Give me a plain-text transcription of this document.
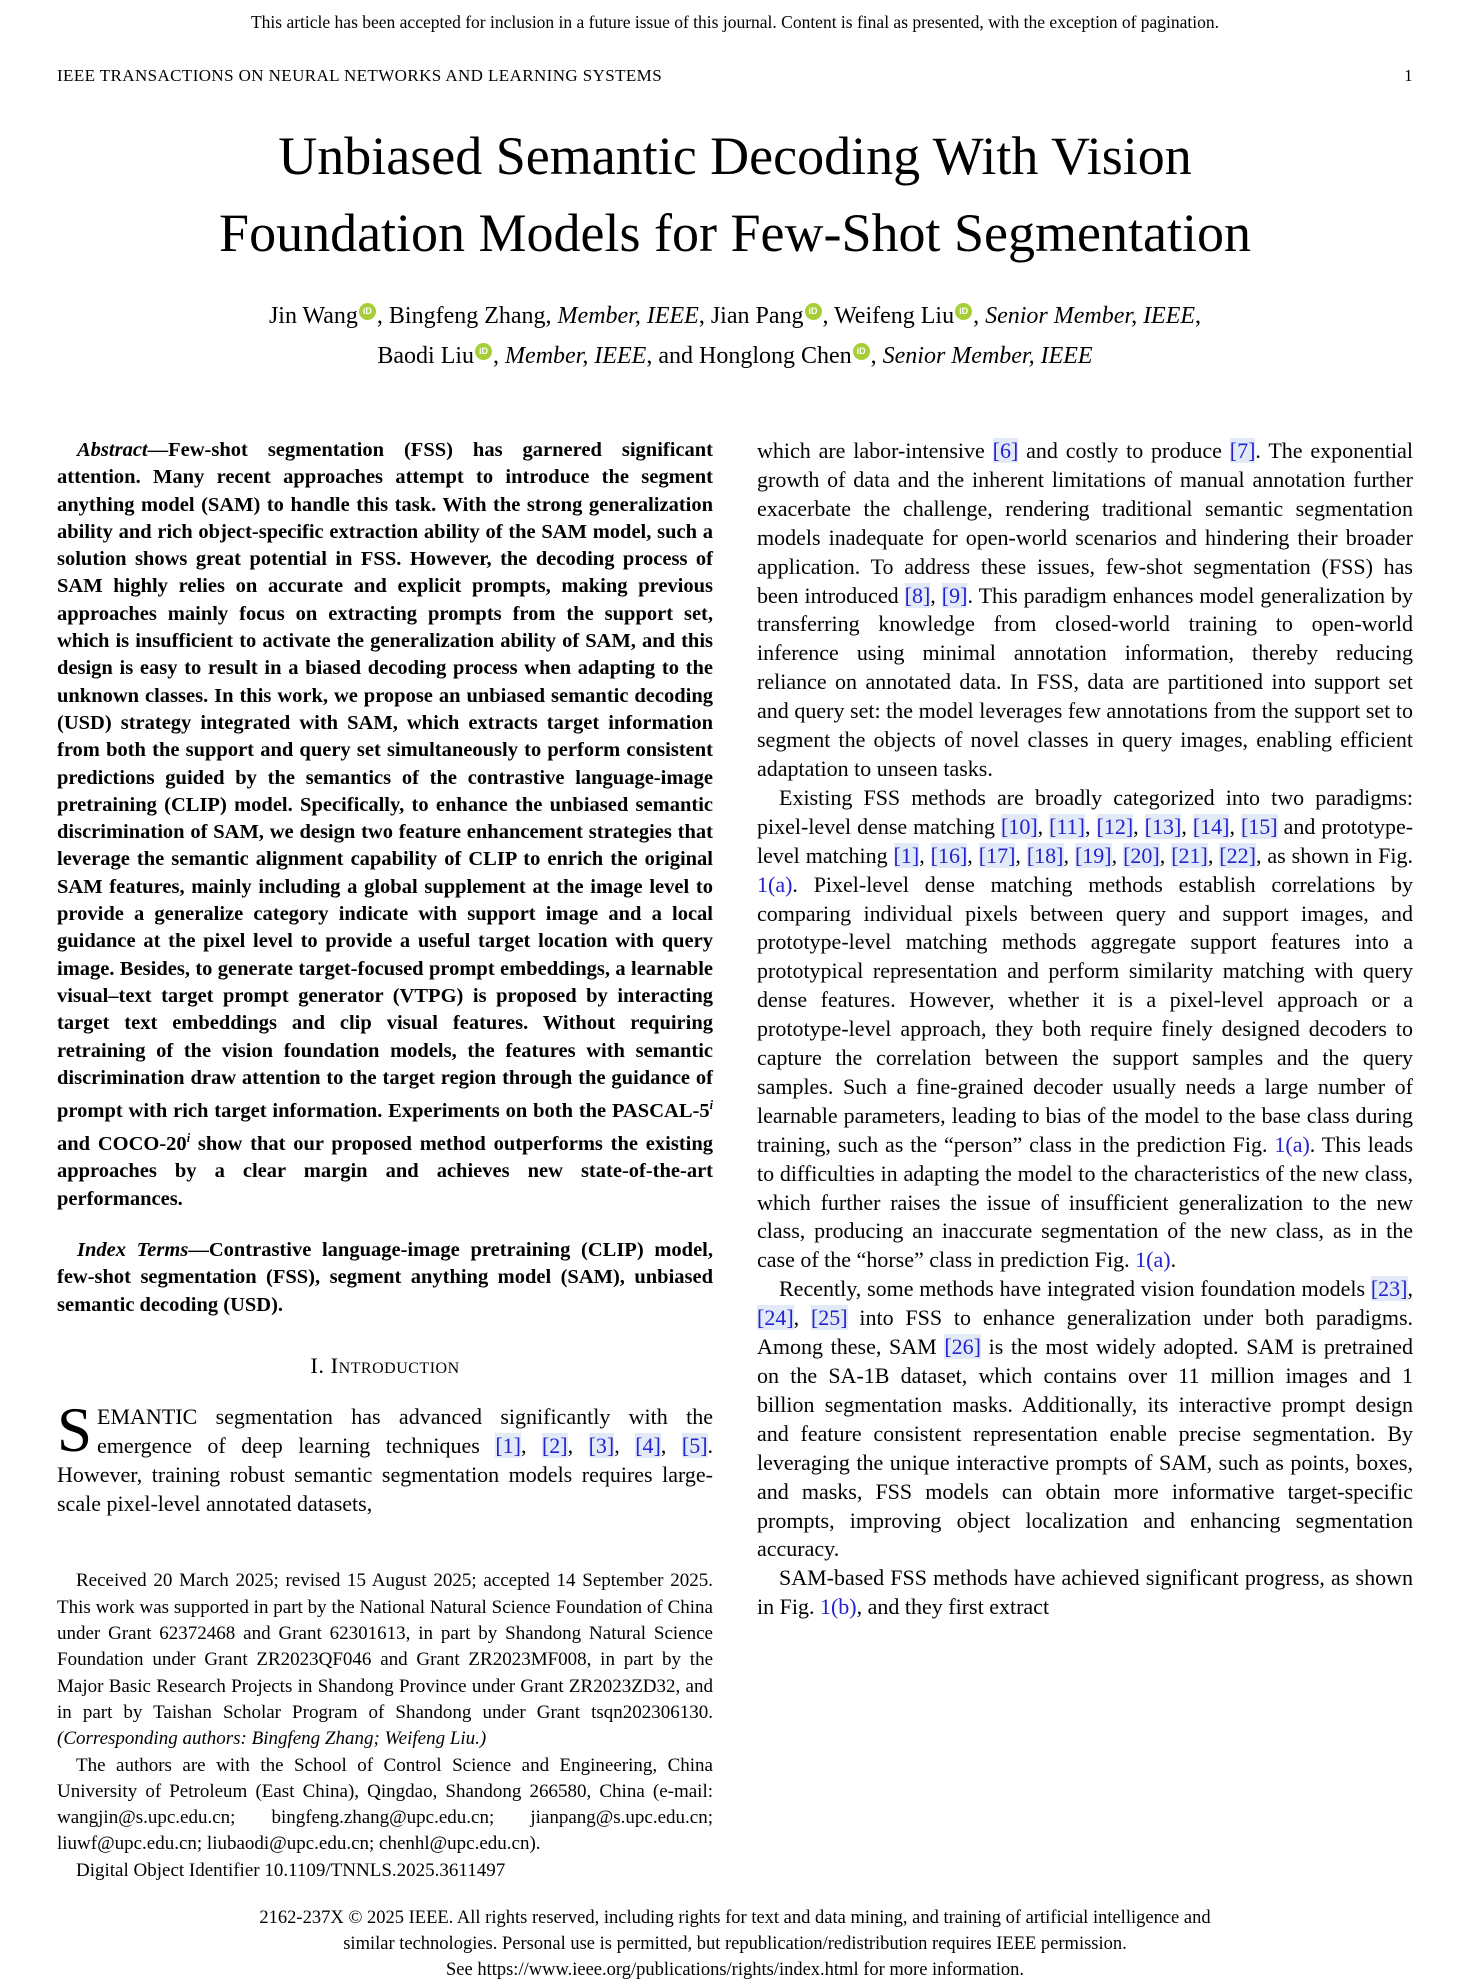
This article has been accepted for inclusion in a future issue of this journal. Content is final as presented, with the exception of pagination.
IEEE TRANSACTIONS ON NEURAL NETWORKS AND LEARNING SYSTEMS	1
Unbiased Semantic Decoding With Vision
Foundation Models for Few-Shot Segmentation
Jin Wang iD , Bingfeng Zhang, Member, IEEE, Jian Pang iD , Weifeng Liu iD , Senior Member, IEEE,
Baodi Liu iD , Member, IEEE, and Honglong Chen iD , Senior Member, IEEE

Abstract—Few-shot segmentation (FSS) has garnered significant attention. Many recent approaches attempt to introduce the segment anything model (SAM) to handle this task. With the strong generalization ability and rich object-specific extraction ability of the SAM model, such a solution shows great potential in FSS. However, the decoding process of SAM highly relies on accurate and explicit prompts, making previous approaches mainly focus on extracting prompts from the support set, which is insufficient to activate the generalization ability of SAM, and this design is easy to result in a biased decoding process when adapting to the unknown classes. In this work, we propose an unbiased semantic decoding (USD) strategy integrated with SAM, which extracts target information from both the support and query set simultaneously to perform consistent predictions guided by the semantics of the contrastive language-image pretraining (CLIP) model. Specifically, to enhance the unbiased semantic discrimination of SAM, we design two feature enhancement strategies that leverage the semantic alignment capability of CLIP to enrich the original SAM features, mainly including a global supplement at the image level to provide a generalize category indicate with support image and a local guidance at the pixel level to provide a useful target location with query image. Besides, to generate target-focused prompt embeddings, a learnable visual–text target prompt generator (VTPG) is proposed by interacting target text embeddings and clip visual features. Without requiring retraining of the vision foundation models, the features with semantic discrimination draw attention to the target region through the guidance of prompt with rich target information. Experiments on both the PASCAL-5$^i$ and COCO-20$^i$ show that our proposed method outperforms the existing approaches by a clear margin and achieves new state-of-the-art performances.

Index Terms—Contrastive language-image pretraining (CLIP) model, few-shot segmentation (FSS), segment anything model (SAM), unbiased semantic decoding (USD).

I. Introduction

SEMANTIC segmentation has advanced significantly with the emergence of deep learning techniques [1], [2], [3], [4], [5]. However, training robust semantic segmentation models requires large-scale pixel-level annotated datasets,

Received 20 March 2025; revised 15 August 2025; accepted 14 September 2025. This work was supported in part by the National Natural Science Foundation of China under Grant 62372468 and Grant 62301613, in part by Shandong Natural Science Foundation under Grant ZR2023QF046 and Grant ZR2023MF008, in part by the Major Basic Research Projects in Shandong Province under Grant ZR2023ZD32, and in part by Taishan Scholar Program of Shandong under Grant tsqn202306130. (Corresponding authors: Bingfeng Zhang; Weifeng Liu.)

The authors are with the School of Control Science and Engineering, China University of Petroleum (East China), Qingdao, Shandong 266580, China (e-mail: wangjin@s.upc.edu.cn; bingfeng.zhang@upc.edu.cn; jianpang@s.upc.edu.cn; liuwf@upc.edu.cn; liubaodi@upc.edu.cn; chenhl@upc.edu.cn).

Digital Object Identifier 10.1109/TNNLS.2025.3611497

which are labor-intensive [6] and costly to produce [7]. The exponential growth of data and the inherent limitations of manual annotation further exacerbate the challenge, rendering traditional semantic segmentation models inadequate for open-world scenarios and hindering their broader application. To address these issues, few-shot segmentation (FSS) has been introduced [8], [9]. This paradigm enhances model generalization by transferring knowledge from closed-world training to open-world inference using minimal annotation information, thereby reducing reliance on annotated data. In FSS, data are partitioned into support set and query set: the model leverages few annotations from the support set to segment the objects of novel classes in query images, enabling efficient adaptation to unseen tasks.

Existing FSS methods are broadly categorized into two paradigms: pixel-level dense matching [10], [11], [12], [13], [14], [15] and prototype-level matching [1], [16], [17], [18], [19], [20], [21], [22], as shown in Fig. 1(a). Pixel-level dense matching methods establish correlations by comparing individual pixels between query and support images, and prototype-level matching methods aggregate support features into a prototypical representation and perform similarity matching with query dense features. However, whether it is a pixel-level approach or a prototype-level approach, they both require finely designed decoders to capture the correlation between the support samples and the query samples. Such a fine-grained decoder usually needs a large number of learnable parameters, leading to bias of the model to the base class during training, such as the “person” class in the prediction Fig. 1(a). This leads to difficulties in adapting the model to the characteristics of the new class, which further raises the issue of insufficient generalization to the new class, producing an inaccurate segmentation of the new class, as in the case of the “horse” class in prediction Fig. 1(a).

Recently, some methods have integrated vision foundation models [23], [24], [25] into FSS to enhance generalization under both paradigms. Among these, SAM [26] is the most widely adopted. SAM is pretrained on the SA-1B dataset, which contains over 11 million images and 1 billion segmentation masks. Additionally, its interactive prompt design and feature consistent representation enable precise segmentation. By leveraging the unique interactive prompts of SAM, such as points, boxes, and masks, FSS models can obtain more informative target-specific prompts, improving object localization and enhancing segmentation accuracy.

SAM-based FSS methods have achieved significant progress, as shown in Fig. 1(b), and they first extract

2162-237X © 2025 IEEE. All rights reserved, including rights for text and data mining, and training of artificial intelligence and
similar technologies. Personal use is permitted, but republication/redistribution requires IEEE permission.
See https://www.ieee.org/publications/rights/index.html for more information.
